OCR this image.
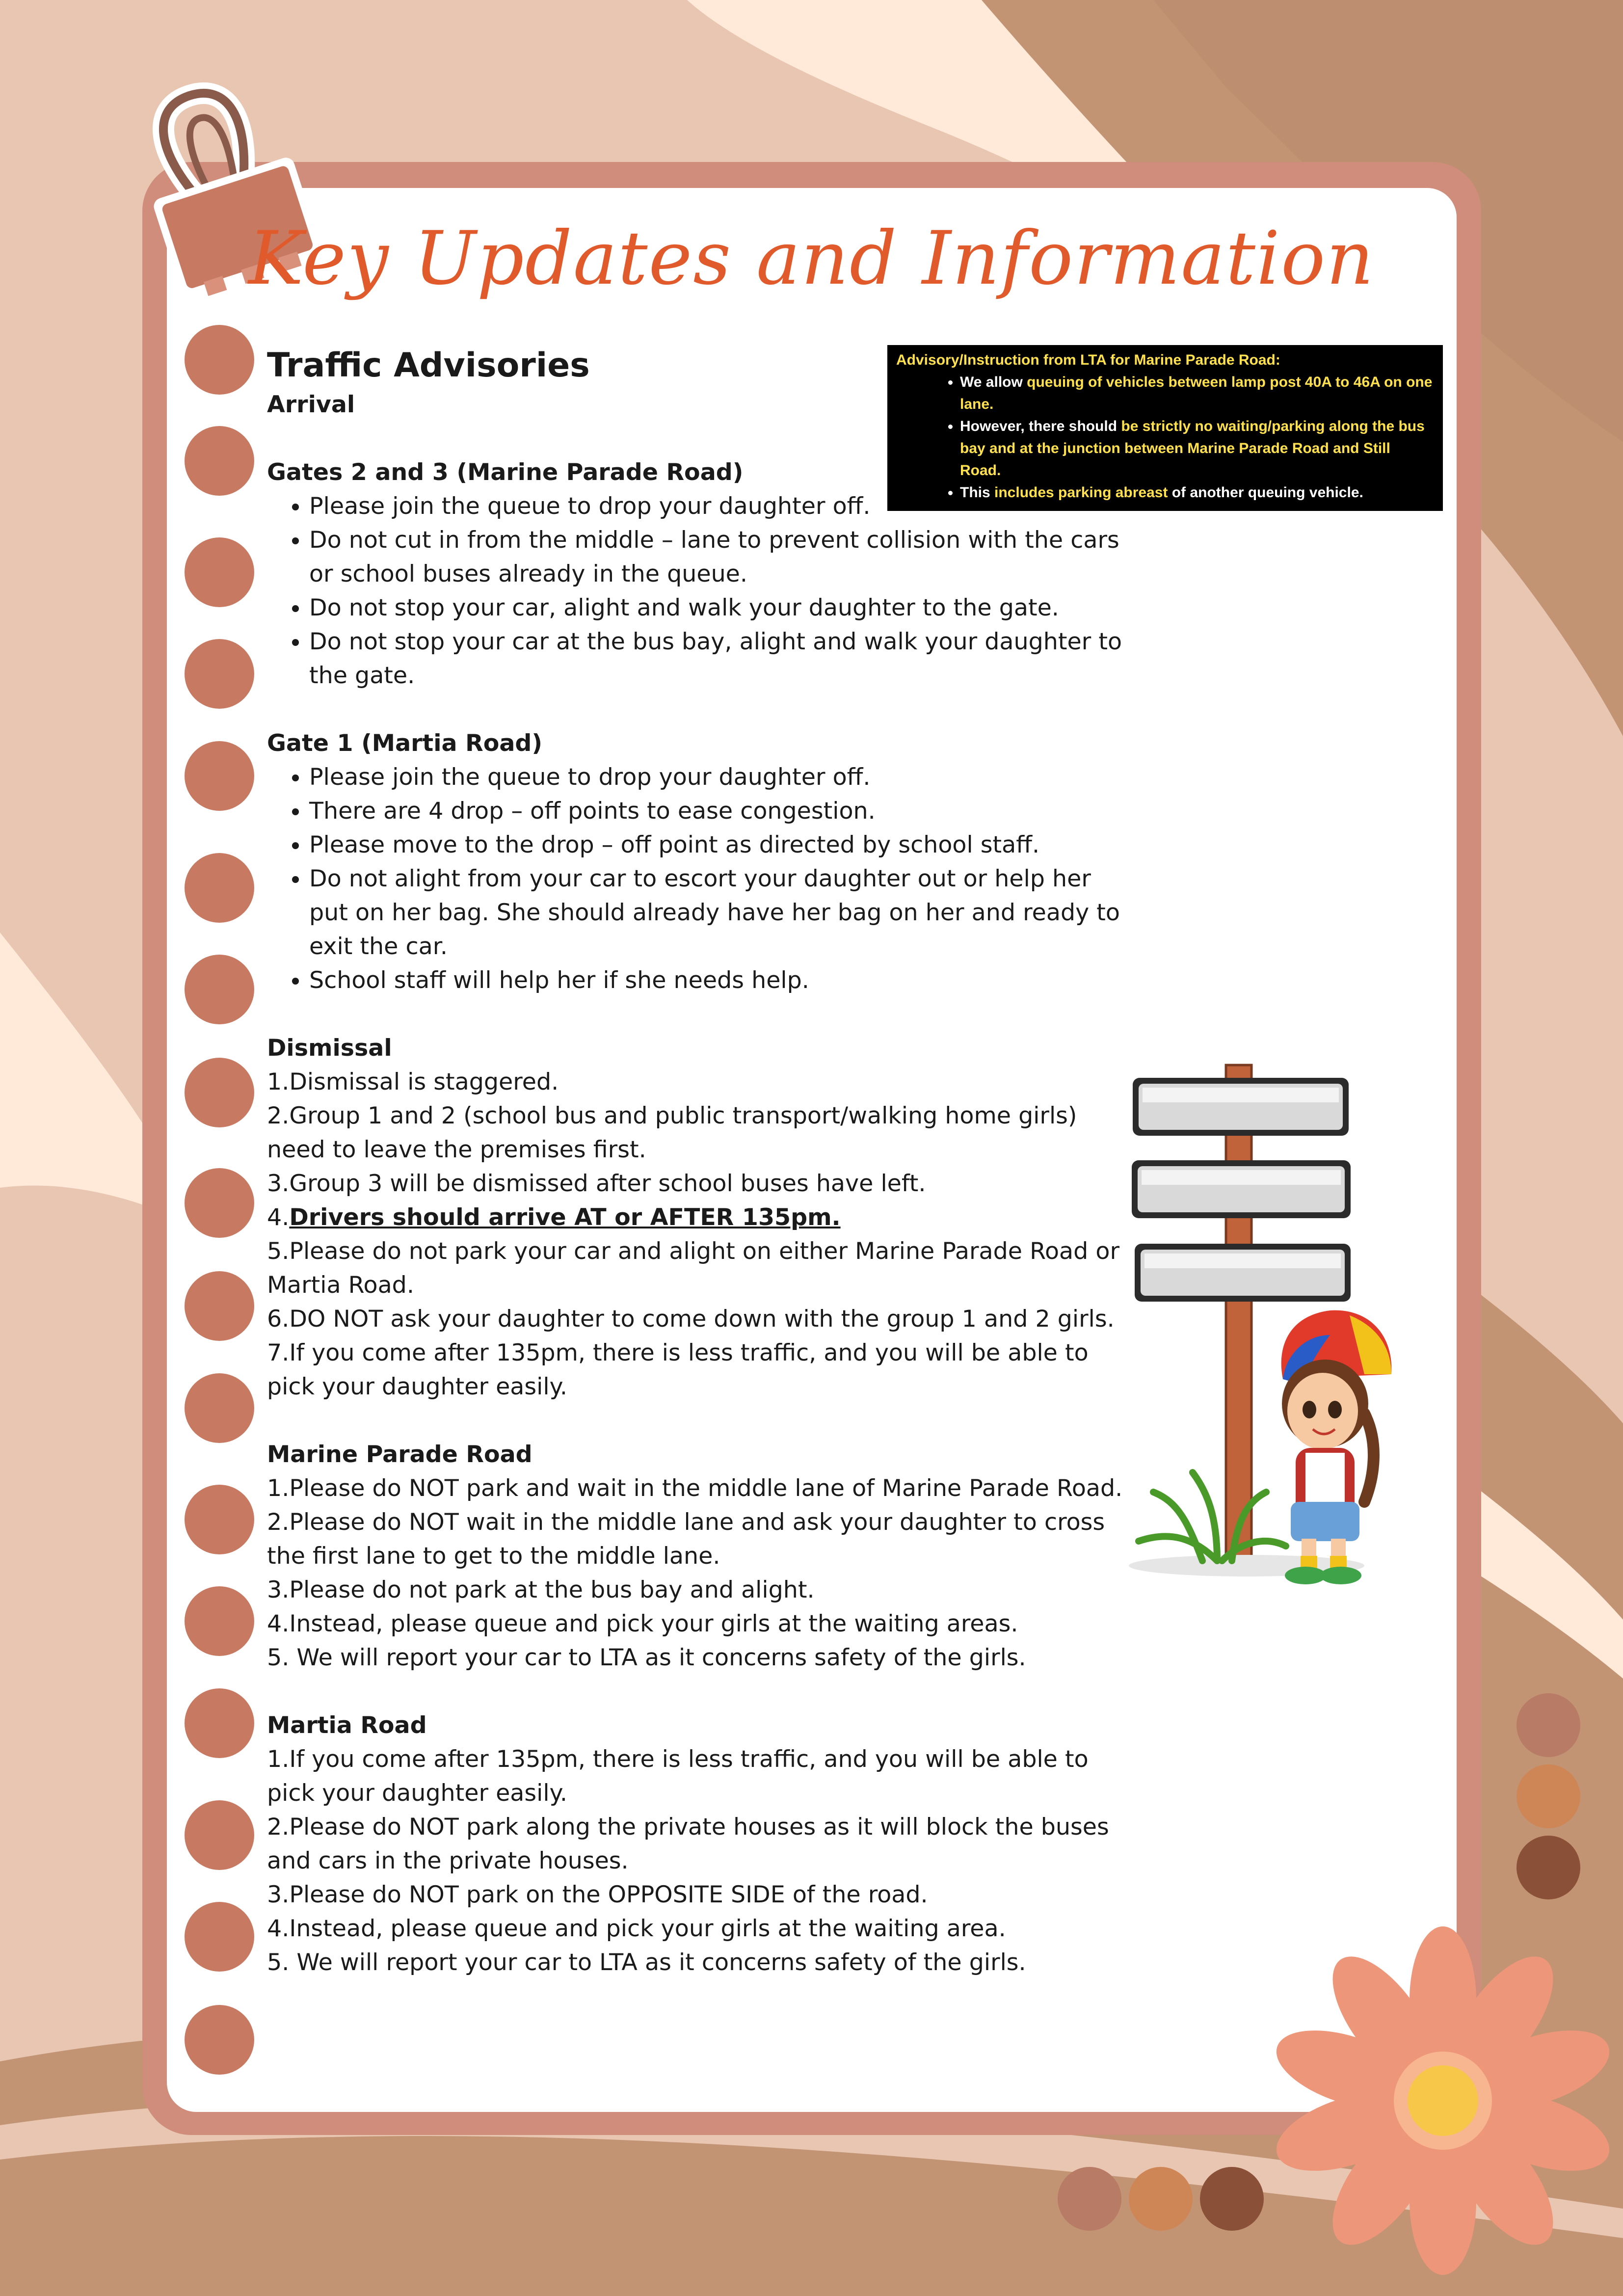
Key Updates and Information
Advisory/Instruction from LTA for Marine Parade Road:
• We allow queuing of vehicles between lamp post 40A to 46A on one lane.
• However, there should be strictly no waiting/parking along the bus bay and at the junction between Marine Parade Road and Still Road.
• This includes parking abreast of another queuing vehicle.
Traffic Advisories
Arrival
Gates 2 and 3 (Marine Parade Road)
• Please join the queue to drop your daughter off.
• Do not cut in from the middle – lane to prevent collision with the cars or school buses already in the queue.
• Do not stop your car, alight and walk your daughter to the gate.
• Do not stop your car at the bus bay, alight and walk your daughter to the gate.
Gate 1 (Martia Road)
• Please join the queue to drop your daughter off.
• There are 4 drop – off points to ease congestion.
• Please move to the drop – off point as directed by school staff.
• Do not alight from your car to escort your daughter out or help her put on her bag. She should already have her bag on her and ready to exit the car.
• School staff will help her if she needs help.
Dismissal

1.Dismissal is staggered.

2.Group 1 and 2 (school bus and public transport/walking home girls) need to leave the premises first.

3.Group 3 will be dismissed after school buses have left.

4.Drivers should arrive AT or AFTER 135pm.

5.Please do not park your car and alight on either Marine Parade Road or Martia Road.

6.DO NOT ask your daughter to come down with the group 1 and 2 girls.

7.If you come after 135pm, there is less traffic, and you will be able to pick your daughter easily.

Marine Parade Road

1.Please do NOT park and wait in the middle lane of Marine Parade Road.

2.Please do NOT wait in the middle lane and ask your daughter to cross the first lane to get to the middle lane.

3.Please do not park at the bus bay and alight.

4.Instead, please queue and pick your girls at the waiting areas.

5. We will report your car to LTA as it concerns safety of the girls.

Martia Road

1.If you come after 135pm, there is less traffic, and you will be able to pick your daughter easily.

2.Please do NOT park along the private houses as it will block the buses and cars in the private houses.

3.Please do NOT park on the OPPOSITE SIDE of the road.

4.Instead, please queue and pick your girls at the waiting area.

5. We will report your car to LTA as it concerns safety of the girls.
